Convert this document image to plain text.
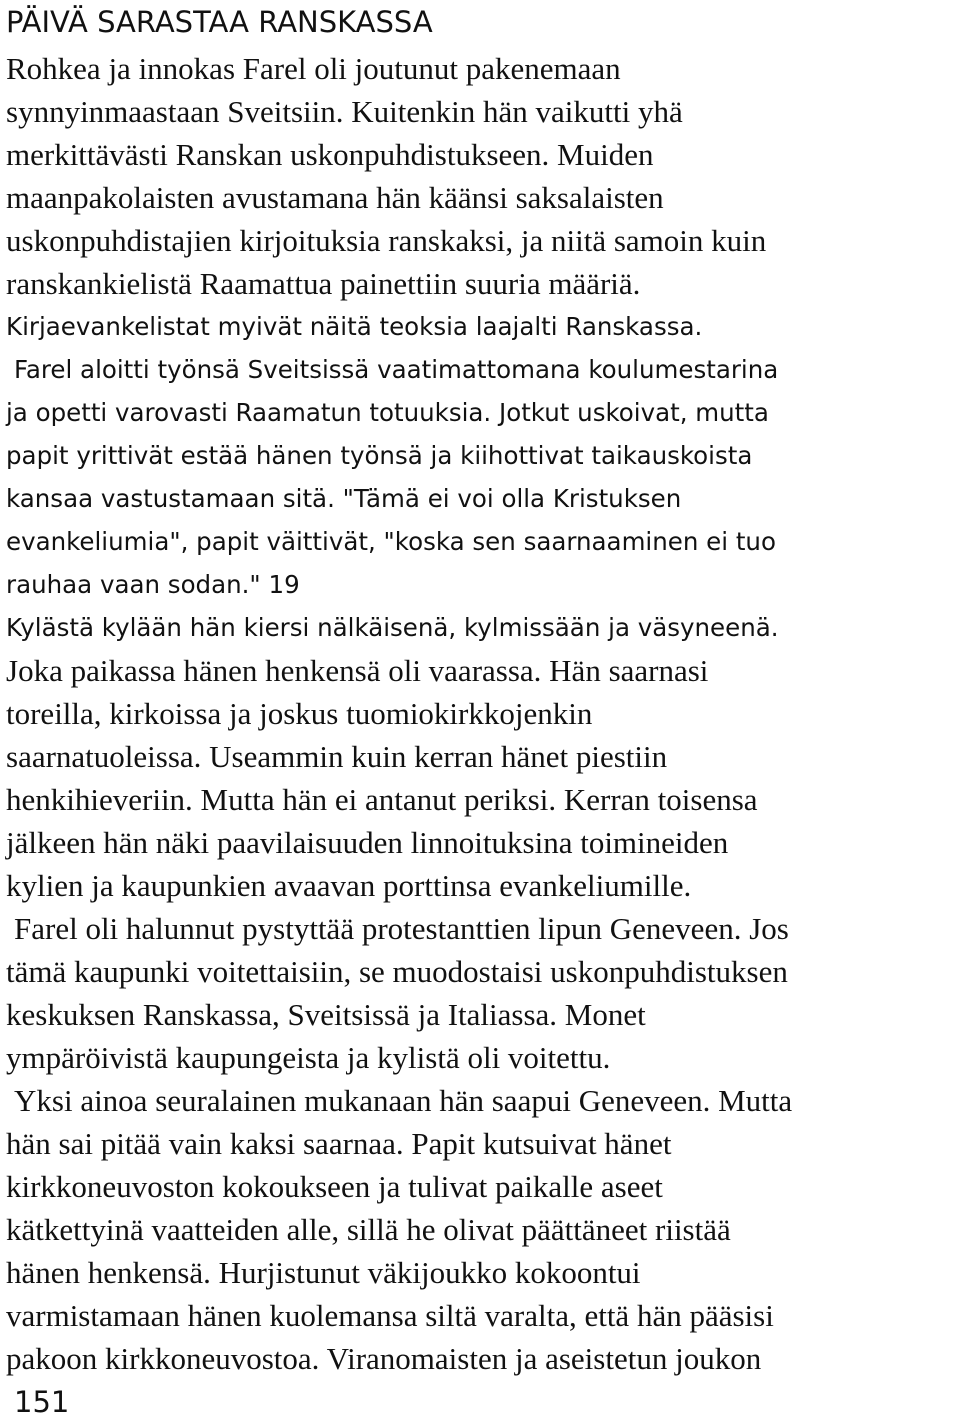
PÄIVÄ SARASTAA RANSKASSA
Rohkea ja innokas Farel oli joutunut pakenemaan
synnyinmaastaan Sveitsiin. Kuitenkin hän vaikutti yhä
merkittävästi Ranskan uskonpuhdistukseen. Muiden
maanpakolaisten avustamana hän käänsi saksalaisten
uskonpuhdistajien kirjoituksia ranskaksi, ja niitä samoin kuin
ranskankielistä Raamattua painettiin suuria määriä.
Kirjaevankelistat myivät näitä teoksia laajalti Ranskassa.
Farel aloitti työnsä Sveitsissä vaatimattomana koulumestarina
ja opetti varovasti Raamatun totuuksia. Jotkut uskoivat, mutta
papit yrittivät estää hänen työnsä ja kiihottivat taikauskoista
kansaa vastustamaan sitä. "Tämä ei voi olla Kristuksen
evankeliumia", papit väittivät, "koska sen saarnaaminen ei tuo
rauhaa vaan sodan." 19
Kylästä kylään hän kiersi nälkäisenä, kylmissään ja väsyneenä.
Joka paikassa hänen henkensä oli vaarassa. Hän saarnasi
toreilla, kirkoissa ja joskus tuomiokirkkojenkin
saarnatuoleissa. Useammin kuin kerran hänet piestiin
henkihieveriin. Mutta hän ei antanut periksi. Kerran toisensa
jälkeen hän näki paavilaisuuden linnoituksina toimineiden
kylien ja kaupunkien avaavan porttinsa evankeliumille.
Farel oli halunnut pystyttää protestanttien lipun Geneveen. Jos
tämä kaupunki voitettaisiin, se muodostaisi uskonpuhdistuksen
keskuksen Ranskassa, Sveitsissä ja Italiassa. Monet
ympäröivistä kaupungeista ja kylistä oli voitettu.
Yksi ainoa seuralainen mukanaan hän saapui Geneveen. Mutta
hän sai pitää vain kaksi saarnaa. Papit kutsuivat hänet
kirkkoneuvoston kokoukseen ja tulivat paikalle aseet
kätkettyinä vaatteiden alle, sillä he olivat päättäneet riistää
hänen henkensä. Hurjistunut väkijoukko kokoontui
varmistamaan hänen kuolemansa siltä varalta, että hän pääsisi
pakoon kirkkoneuvostoa. Viranomaisten ja aseistetun joukon
151
